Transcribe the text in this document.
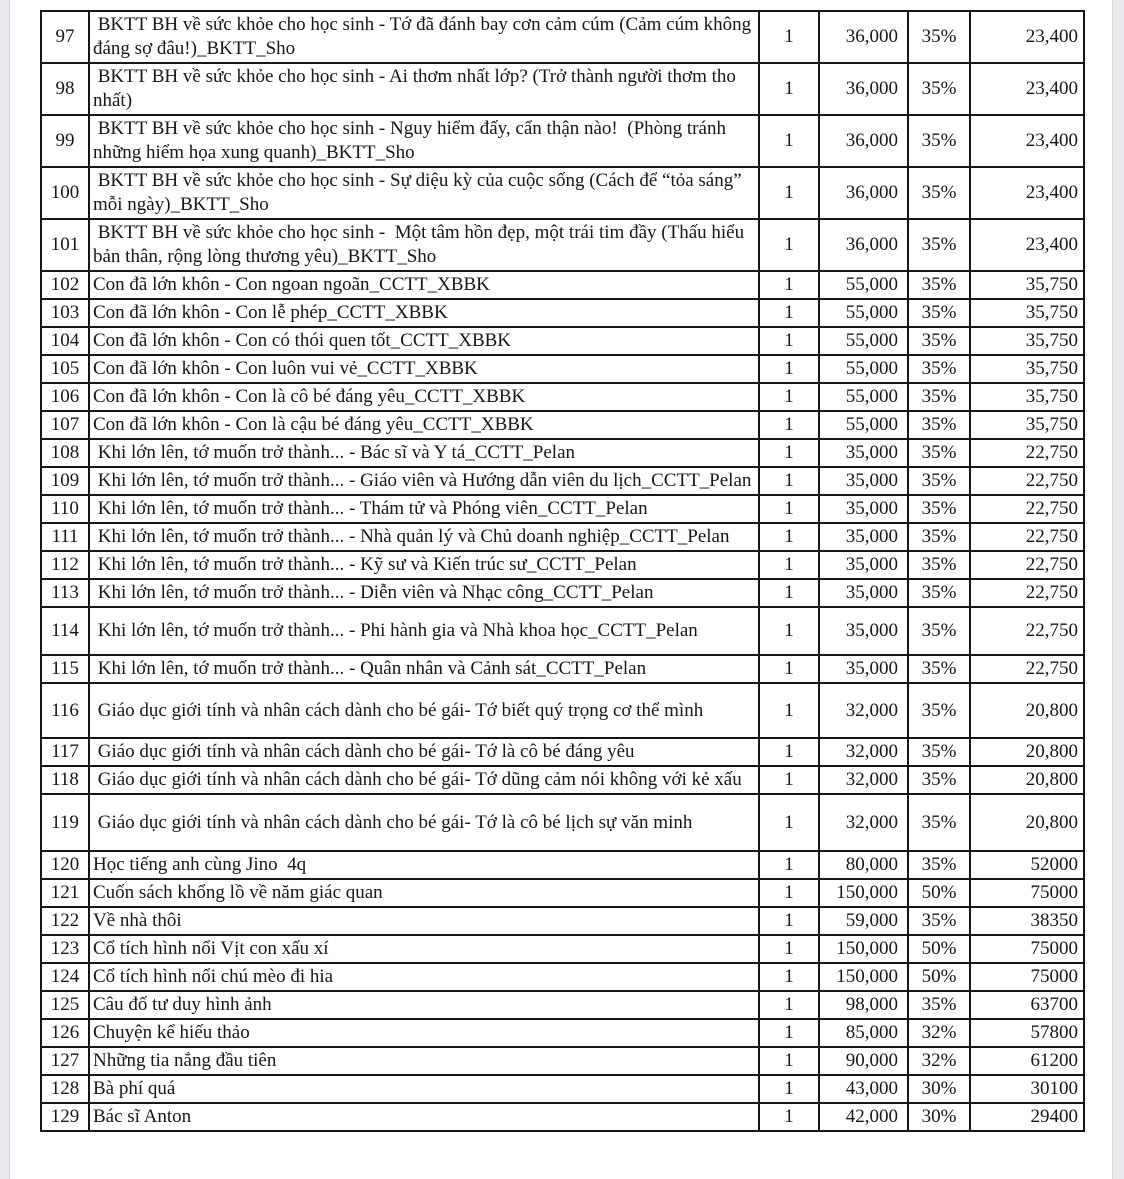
97	BKTT BH về sức khỏe cho học sinh - Tớ đã đánh bay cơn cảm cúm (Cảm cúm không đáng sợ đâu!)_BKTT_Sho	1	36,000	35%	23,400
98	BKTT BH về sức khỏe cho học sinh - Ai thơm nhất lớp? (Trở thành người thơm tho nhất)	1	36,000	35%	23,400
99	BKTT BH về sức khỏe cho học sinh - Nguy hiểm đấy, cẩn thận nào!  (Phòng tránh những hiểm họa xung quanh)_BKTT_Sho	1	36,000	35%	23,400
100	BKTT BH về sức khỏe cho học sinh - Sự diệu kỳ của cuộc sống (Cách để “tỏa sáng” mỗi ngày)_BKTT_Sho	1	36,000	35%	23,400
101	BKTT BH về sức khỏe cho học sinh -  Một tâm hồn đẹp, một trái tim đầy (Thấu hiểu bản thân, rộng lòng thương yêu)_BKTT_Sho	1	36,000	35%	23,400
102	Con đã lớn khôn - Con ngoan ngoãn_CCTT_XBBK	1	55,000	35%	35,750
103	Con đã lớn khôn - Con lễ phép_CCTT_XBBK	1	55,000	35%	35,750
104	Con đã lớn khôn - Con có thói quen tốt_CCTT_XBBK	1	55,000	35%	35,750
105	Con đã lớn khôn - Con luôn vui vẻ_CCTT_XBBK	1	55,000	35%	35,750
106	Con đã lớn khôn - Con là cô bé đáng yêu_CCTT_XBBK	1	55,000	35%	35,750
107	Con đã lớn khôn - Con là cậu bé đáng yêu_CCTT_XBBK	1	55,000	35%	35,750
108	Khi lớn lên, tớ muốn trở thành... - Bác sĩ và Y tá_CCTT_Pelan	1	35,000	35%	22,750
109	Khi lớn lên, tớ muốn trở thành... - Giáo viên và Hướng dẫn viên du lịch_CCTT_Pelan	1	35,000	35%	22,750
110	Khi lớn lên, tớ muốn trở thành... - Thám tử và Phóng viên_CCTT_Pelan	1	35,000	35%	22,750
111	Khi lớn lên, tớ muốn trở thành... - Nhà quản lý và Chủ doanh nghiệp_CCTT_Pelan	1	35,000	35%	22,750
112	Khi lớn lên, tớ muốn trở thành... - Kỹ sư và Kiến trúc sư_CCTT_Pelan	1	35,000	35%	22,750
113	Khi lớn lên, tớ muốn trở thành... - Diễn viên và Nhạc công_CCTT_Pelan	1	35,000	35%	22,750
114	Khi lớn lên, tớ muốn trở thành... - Phi hành gia và Nhà khoa học_CCTT_Pelan	1	35,000	35%	22,750
115	Khi lớn lên, tớ muốn trở thành... - Quân nhân và Cảnh sát_CCTT_Pelan	1	35,000	35%	22,750
116	Giáo dục giới tính và nhân cách dành cho bé gái- Tớ biết quý trọng cơ thể mình	1	32,000	35%	20,800
117	Giáo dục giới tính và nhân cách dành cho bé gái- Tớ là cô bé đáng yêu	1	32,000	35%	20,800
118	Giáo dục giới tính và nhân cách dành cho bé gái- Tớ dũng cảm nói không với kẻ xấu	1	32,000	35%	20,800
119	Giáo dục giới tính và nhân cách dành cho bé gái- Tớ là cô bé lịch sự văn minh	1	32,000	35%	20,800
120	Học tiếng anh cùng Jino  4q	1	80,000	35%	52000
121	Cuốn sách khổng lồ về năm giác quan	1	150,000	50%	75000
122	Về nhà thôi	1	59,000	35%	38350
123	Cổ tích hình nổi Vịt con xấu xí	1	150,000	50%	75000
124	Cổ tích hình nổi chú mèo đi hia	1	150,000	50%	75000
125	Câu đố tư duy hình ảnh	1	98,000	35%	63700
126	Chuyện kể hiếu thảo	1	85,000	32%	57800
127	Những tia nắng đầu tiên	1	90,000	32%	61200
128	Bà phí quá	1	43,000	30%	30100
129	Bác sĩ Anton	1	42,000	30%	29400
